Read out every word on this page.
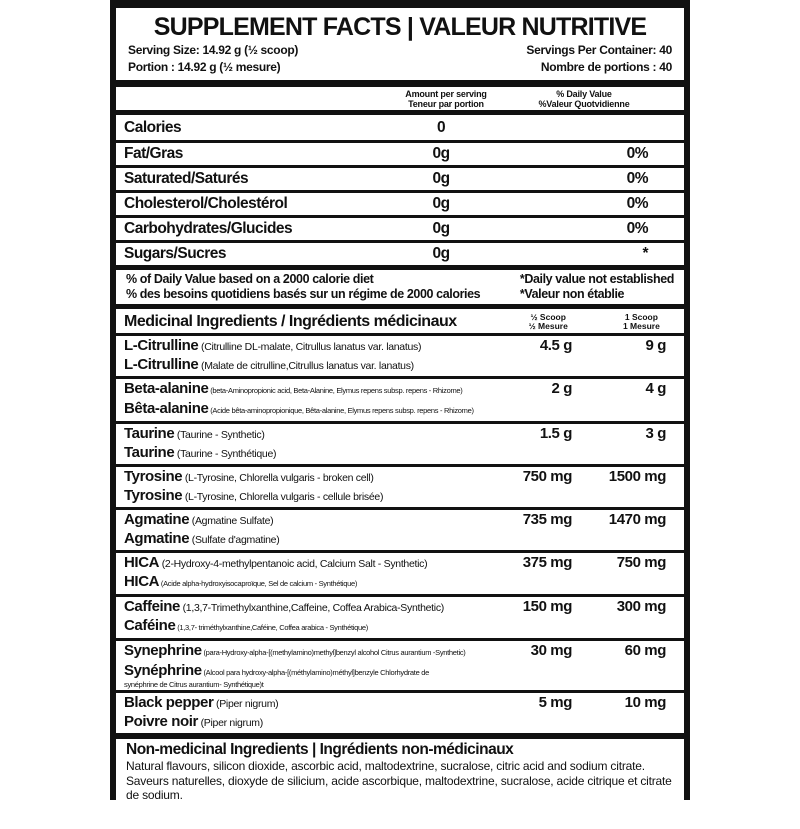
SUPPLEMENT FACTS | VALEUR NUTRITIVE
Serving Size: 14.92 g (½ scoop)	Servings Per Container: 40
Portion : 14.92 g (½ mesure)	Nombre de portions : 40
Amount per serving
Teneur par portion
% Daily Value
%Valeur Quotvidienne
Calories	0
Fat/Gras	0g	0%
Saturated/Saturés	0g	0%
Cholesterol/Cholestérol	0g	0%
Carbohydrates/Glucides	0g	0%
Sugars/Sucres	0g	*
% of Daily Value based on a 2000 calorie diet
% des besoins quotidiens basés sur un régime de 2000 calories
*Daily value not established
*Valeur non établie
Medicinal Ingredients / Ingrédients médicinaux	½ Scoop
½ Mesure
1 Scoop
1 Mesure
L-Citrulline (Citrulline DL-malate, Citrullus lanatus var. lanatus)
L-Citrulline (Malate de citrulline,Citrullus lanatus var. lanatus)
4.5 g	9 g
Beta-alanine (beta-Aminopropionic acid, Beta-Alanine, Elymus repens subsp. repens - Rhizome)
Bêta-alanine (Acide bêta-aminopropionique, Bêta-alanine, Elymus repens subsp. repens - Rhizome)
2 g	4 g
Taurine (Taurine - Synthetic)
Taurine (Taurine - Synthétique)
1.5 g	3 g
Tyrosine (L-Tyrosine, Chlorella vulgaris - broken cell)
Tyrosine (L-Tyrosine, Chlorella vulgaris - cellule brisée)
750 mg 1500 mg
Agmatine (Agmatine Sulfate)
Agmatine (Sulfate d'agmatine)
735 mg 1470 mg
HICA (2-Hydroxy-4-methylpentanoic acid, Calcium Salt - Synthetic)
HICA (Acide alpha-hydroxyisocaproïque, Sel de calcium - Synthétique)
375 mg	750 mg
Caffeine (1,3,7-Trimethylxanthine,Caffeine, Coffea Arabica-Synthetic)
Caféine (1,3,7- triméthylxanthine,Caféine, Coffea arabica - Synthétique)
150 mg	300 mg
Synephrine (para-Hydroxy-alpha-[(methylamino)methyl]benzyl alcohol Citrus aurantium -Synthetic)
Synéphrine (Alcool para hydroxy-alpha-[(méthylamino)méthyl]benzyle Chlorhydrate de
synéphrine de Citrus aurantium- Synthétique)t
30 mg	60 mg
Black pepper (Piper nigrum)
Poivre noir (Piper nigrum)
5 mg	10 mg
Non-medicinal Ingredients | Ingrédients non-médicinaux

Natural flavours, silicon dioxide, ascorbic acid, maltodextrine, sucralose, citric acid and sodium citrate.

Saveurs naturelles, dioxyde de silicium, acide ascorbique, maltodextrine, sucralose, acide citrique et citrate de sodium.
